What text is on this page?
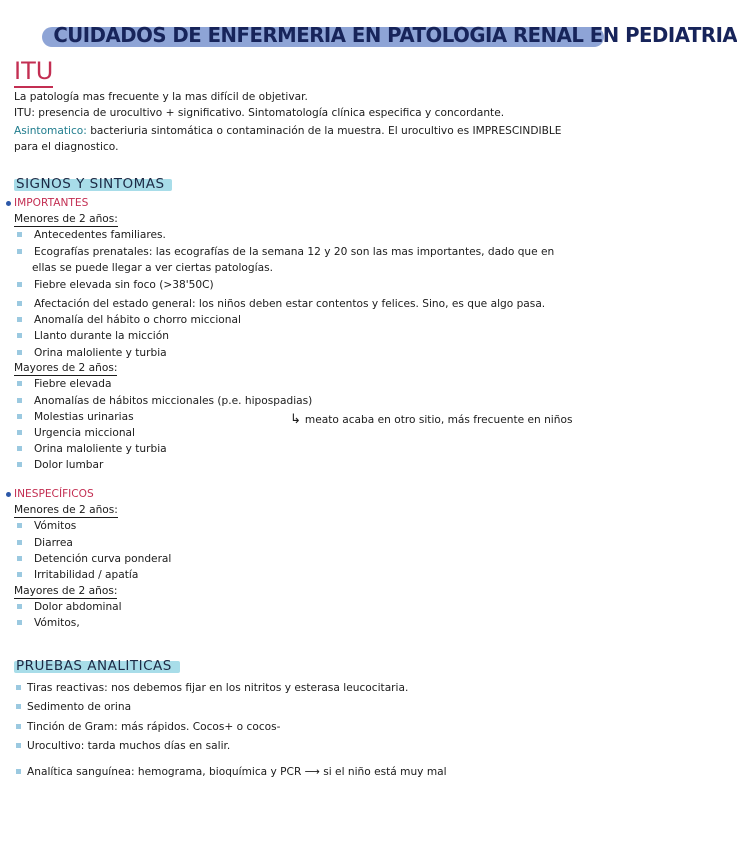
CUIDADOS DE ENFERMERIA EN PATOLOGIA RENAL EN PEDIATRIA
ITU
La patología mas frecuente y la mas difícil de objetivar.
ITU: presencia de urocultivo + significativo. Sintomatología clínica especifica y concordante.
Asintomatico: bacteriuria sintomática o contaminación de la muestra. El urocultivo es IMPRESCINDIBLE
para el diagnostico.
SIGNOS Y SINTOMAS
IMPORTANTES
Menores de 2 años:
Antecedentes familiares.
Ecografías prenatales: las ecografías de la semana 12 y 20 son las mas importantes, dado que en
ellas se puede llegar a ver ciertas patologías.
Fiebre elevada sin foco (>38'50C)
Afectación del estado general: los niños deben estar contentos y felices. Sino, es que algo pasa.
Anomalía del hábito o chorro miccional
Llanto durante la micción
Orina maloliente y turbia
Mayores de 2 años:
Fiebre elevada
Anomalías de hábitos miccionales (p.e. hipospadias)
Molestias urinarias	↳ meato acaba en otro sitio, más frecuente en niños
Urgencia miccional
Orina maloliente y turbia
Dolor lumbar
INESPECÍFICOS
Menores de 2 años:
Vómitos
Diarrea
Detención curva ponderal
Irritabilidad / apatía
Mayores de 2 años:
Dolor abdominal
Vómitos,
PRUEBAS ANALITICAS
Tiras reactivas: nos debemos fijar en los nitritos y esterasa leucocitaria.
Sedimento de orina
Tinción de Gram: más rápidos. Cocos+ o cocos-
Urocultivo: tarda muchos días en salir.
Analítica sanguínea: hemograma, bioquímica y PCR ⟶ si el niño está muy mal
